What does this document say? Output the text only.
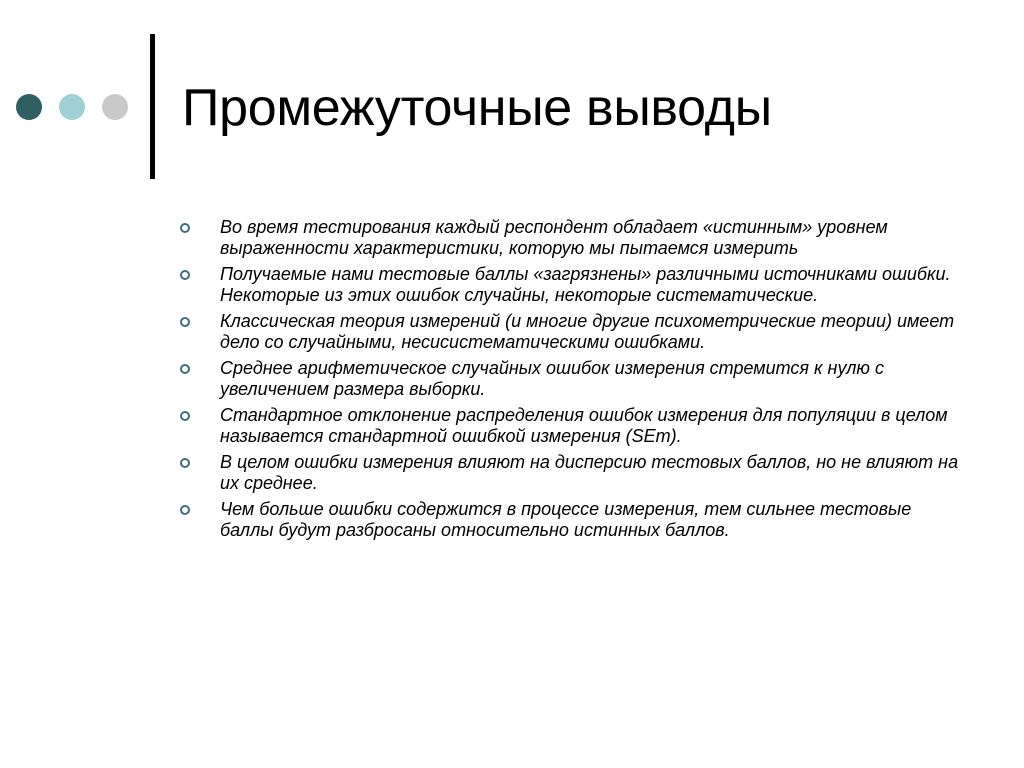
Промежуточные выводы
Во время тестирования каждый респондент обладает «истинным» уровнем выраженности характеристики, которую мы пытаемся измерить
Получаемые нами тестовые баллы «загрязнены» различными источниками ошибки. Некоторые из этих ошибок случайны, некоторые систематические.
Классическая теория измерений (и многие другие психометрические теории) имеет дело со случайными, несисистематическими ошибками.
Среднее арифметическое случайных ошибок измерения стремится к нулю с увеличением размера выборки.
Стандартное отклонение распределения ошибок измерения для популяции в целом называется стандартной ошибкой измерения (SEm).
В целом ошибки измерения влияют на дисперсию тестовых баллов, но не влияют на их среднее.
Чем больше ошибки содержится в процессе измерения, тем сильнее тестовые баллы будут разбросаны относительно истинных баллов.
